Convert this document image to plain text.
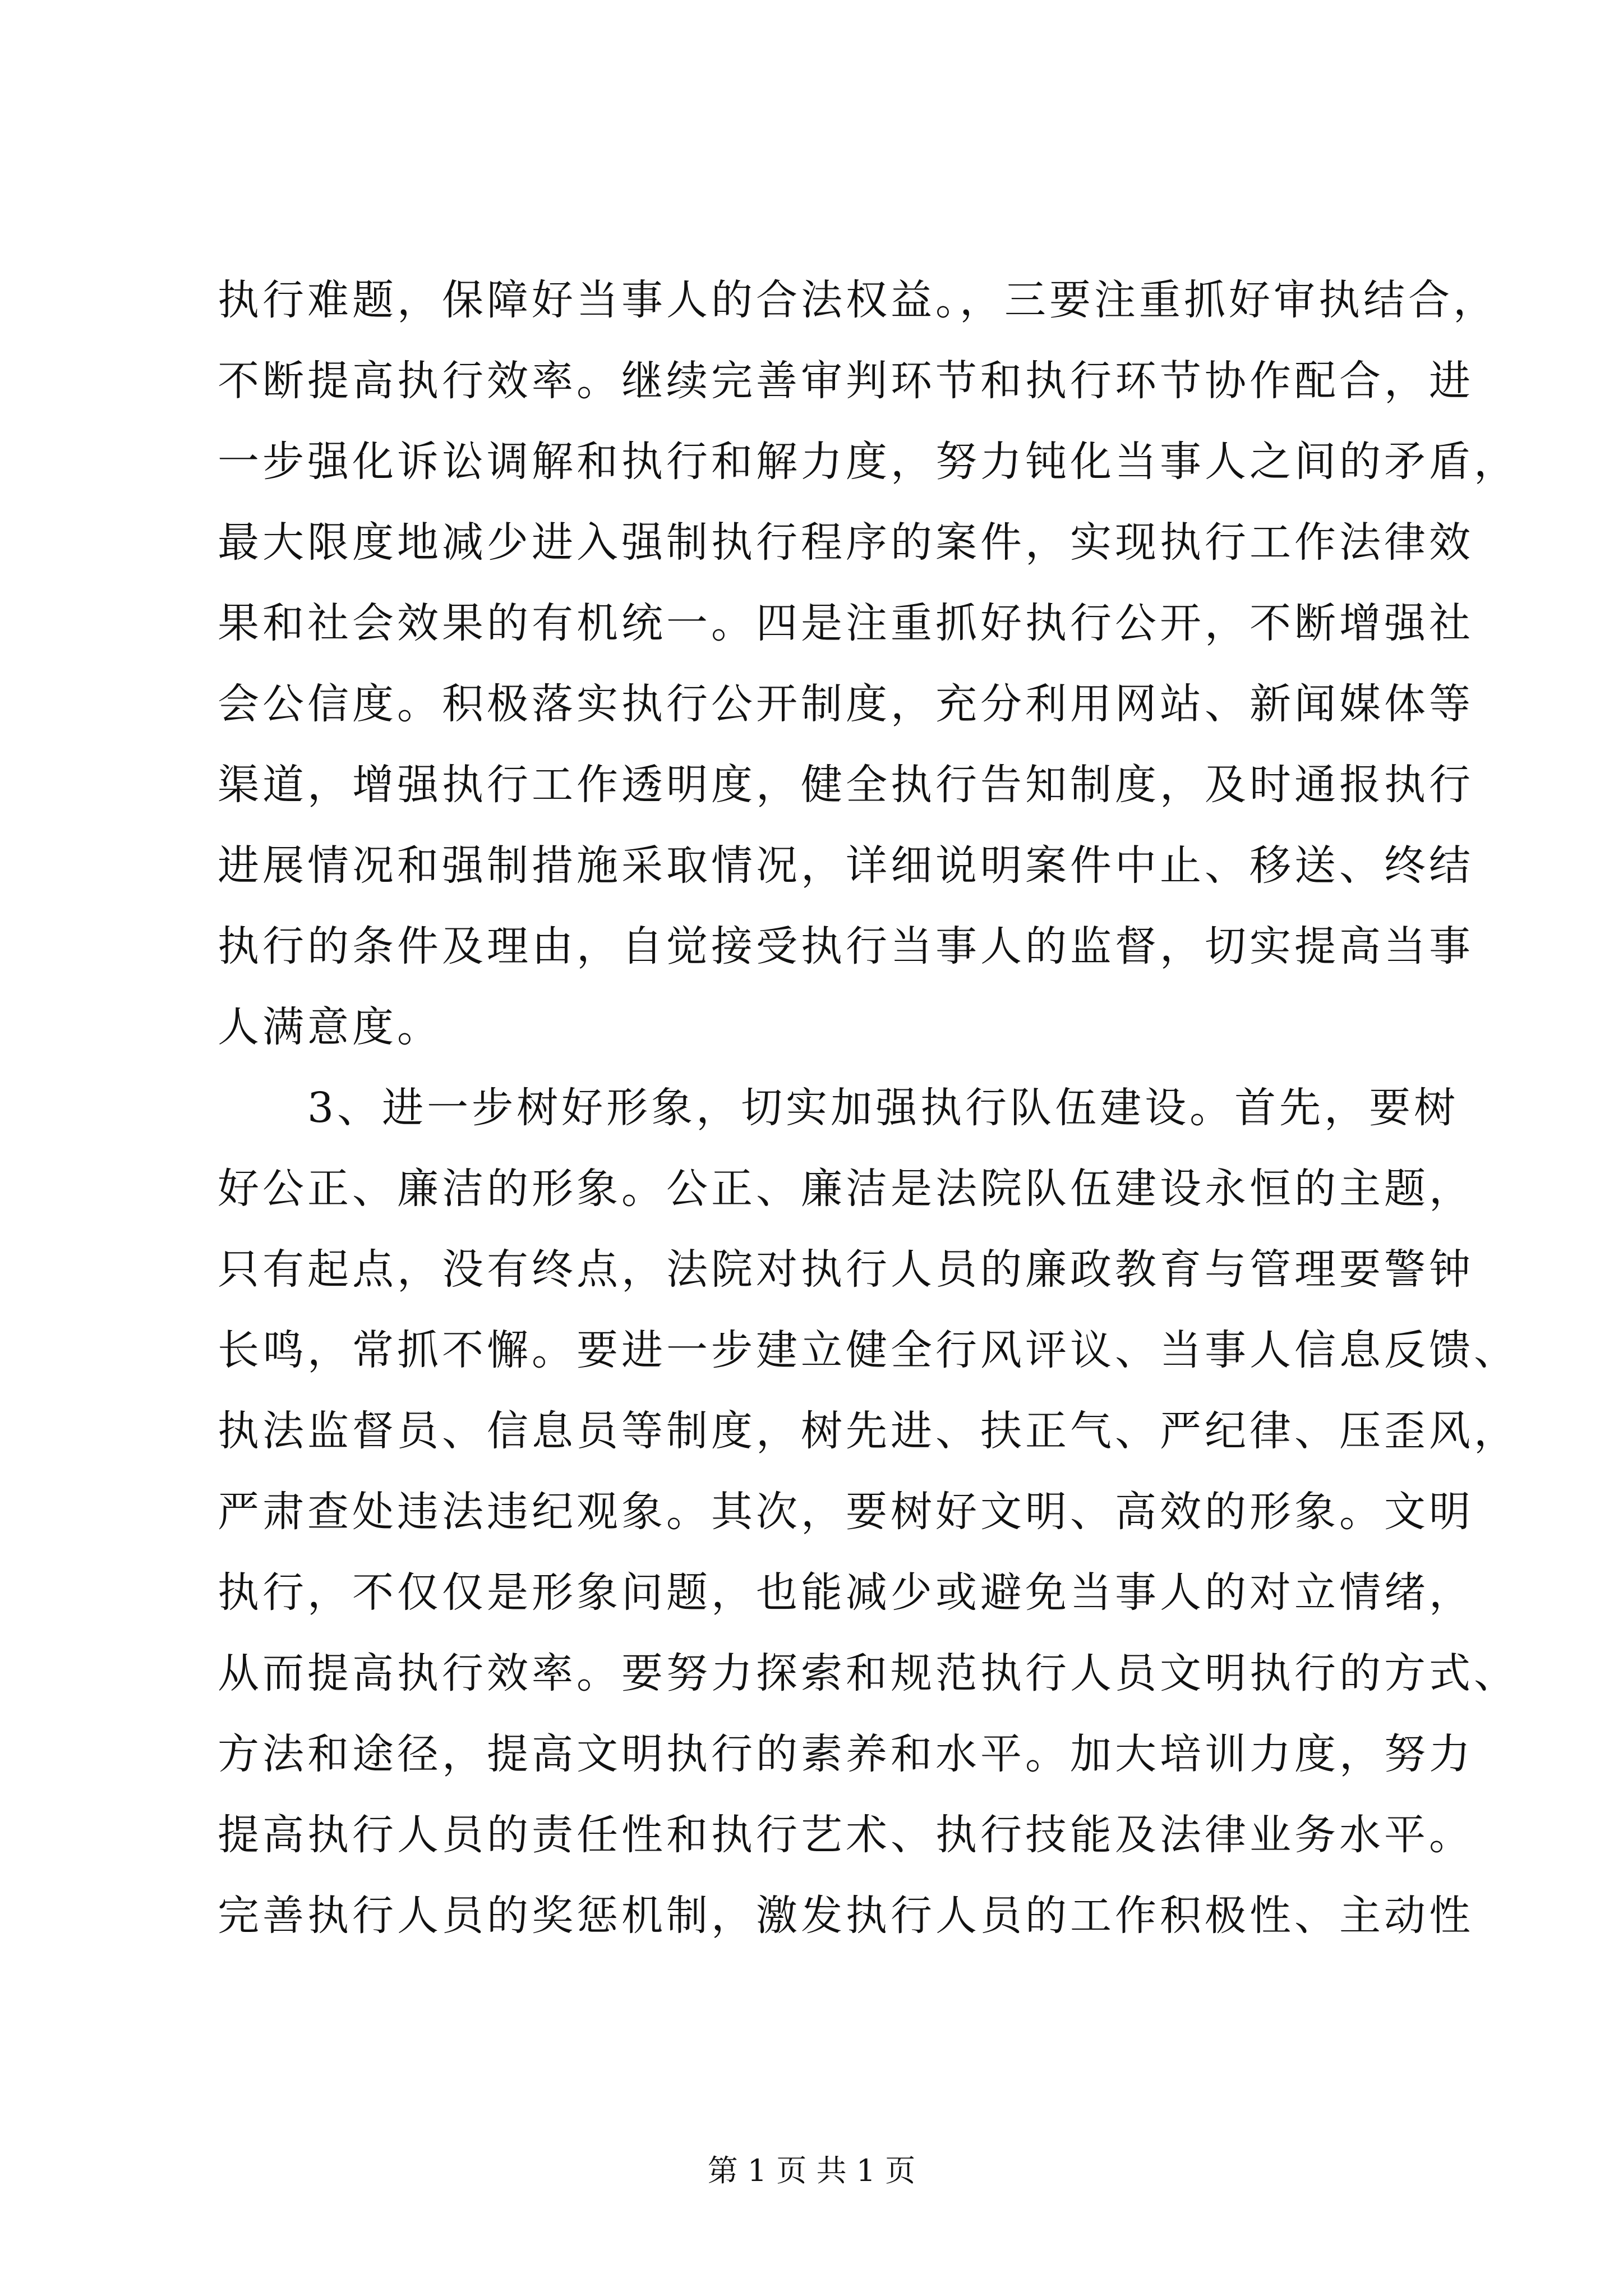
执行难题，保障好当事人的合法权益。，三要注重抓好审执结合，
不断提高执行效率。继续完善审判环节和执行环节协作配合，进
一步强化诉讼调解和执行和解力度，努力钝化当事人之间的矛盾，
最大限度地减少进入强制执行程序的案件，实现执行工作法律效
果和社会效果的有机统一。四是注重抓好执行公开，不断增强社
会公信度。积极落实执行公开制度，充分利用网站、新闻媒体等
渠道，增强执行工作透明度，健全执行告知制度，及时通报执行
进展情况和强制措施采取情况，详细说明案件中止、移送、终结
执行的条件及理由，自觉接受执行当事人的监督，切实提高当事
人满意度。
　　3、进一步树好形象，切实加强执行队伍建设。首先，要树
好公正、廉洁的形象。公正、廉洁是法院队伍建设永恒的主题，
只有起点，没有终点，法院对执行人员的廉政教育与管理要警钟
长鸣，常抓不懈。要进一步建立健全行风评议、当事人信息反馈、
执法监督员、信息员等制度，树先进、扶正气、严纪律、压歪风，
严肃查处违法违纪观象。其次，要树好文明、高效的形象。文明
执行，不仅仅是形象问题，也能减少或避免当事人的对立情绪，
从而提高执行效率。要努力探索和规范执行人员文明执行的方式、
方法和途径，提高文明执行的素养和水平。加大培训力度，努力
提高执行人员的责任性和执行艺术、执行技能及法律业务水平。
完善执行人员的奖惩机制，激发执行人员的工作积极性、主动性
第 1 页 共 1 页
